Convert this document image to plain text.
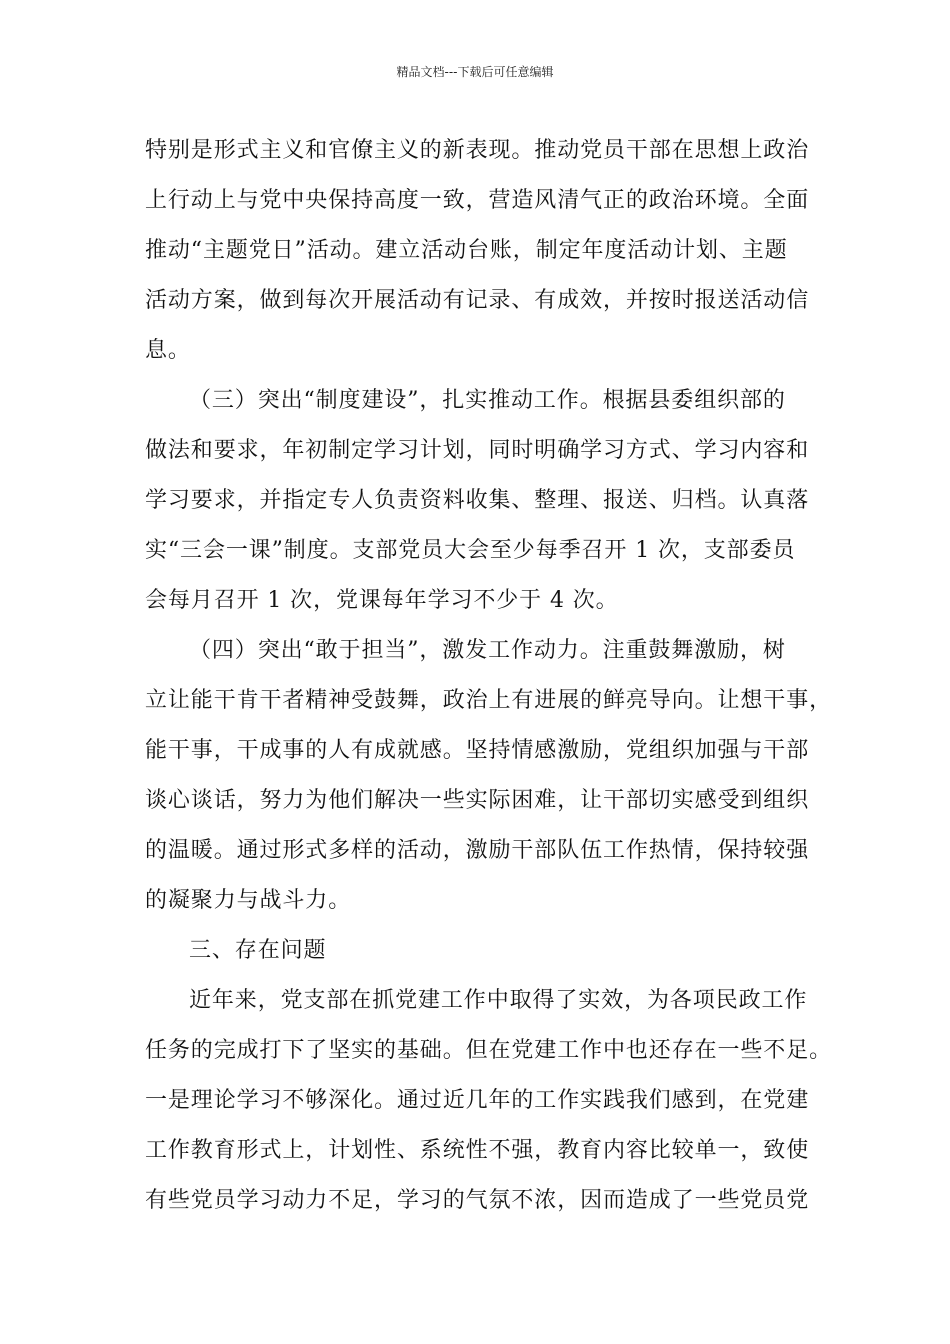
精品文档---下载后可任意编辑
特别是形式主义和官僚主义的新表现。推动党员干部在思想上政治
上行动上与党中央保持高度一致，营造风清气正的政治环境。全面
推动“主题党日”活动。建立活动台账，制定年度活动计划、主题
活动方案，做到每次开展活动有记录、有成效，并按时报送活动信
息。
（三）突出“制度建设”，扎实推动工作。根据县委组织部的
做法和要求，年初制定学习计划，同时明确学习方式、学习内容和
学习要求，并指定专人负责资料收集、整理、报送、归档。认真落
实“三会一课”制度。支部党员大会至少每季召开 1 次，支部委员
会每月召开 1 次，党课每年学习不少于 4 次。
（四）突出“敢于担当”，激发工作动力。注重鼓舞激励，树
立让能干肯干者精神受鼓舞，政治上有进展的鲜亮导向。让想干事，
能干事，干成事的人有成就感。坚持情感激励，党组织加强与干部
谈心谈话，努力为他们解决一些实际困难，让干部切实感受到组织
的温暖。通过形式多样的活动，激励干部队伍工作热情，保持较强
的凝聚力与战斗力。
三、存在问题
近年来，党支部在抓党建工作中取得了实效，为各项民政工作
任务的完成打下了坚实的基础。但在党建工作中也还存在一些不足。
一是理论学习不够深化。通过近几年的工作实践我们感到，在党建
工作教育形式上，计划性、系统性不强，教育内容比较单一，致使
有些党员学习动力不足，学习的气氛不浓，因而造成了一些党员党
